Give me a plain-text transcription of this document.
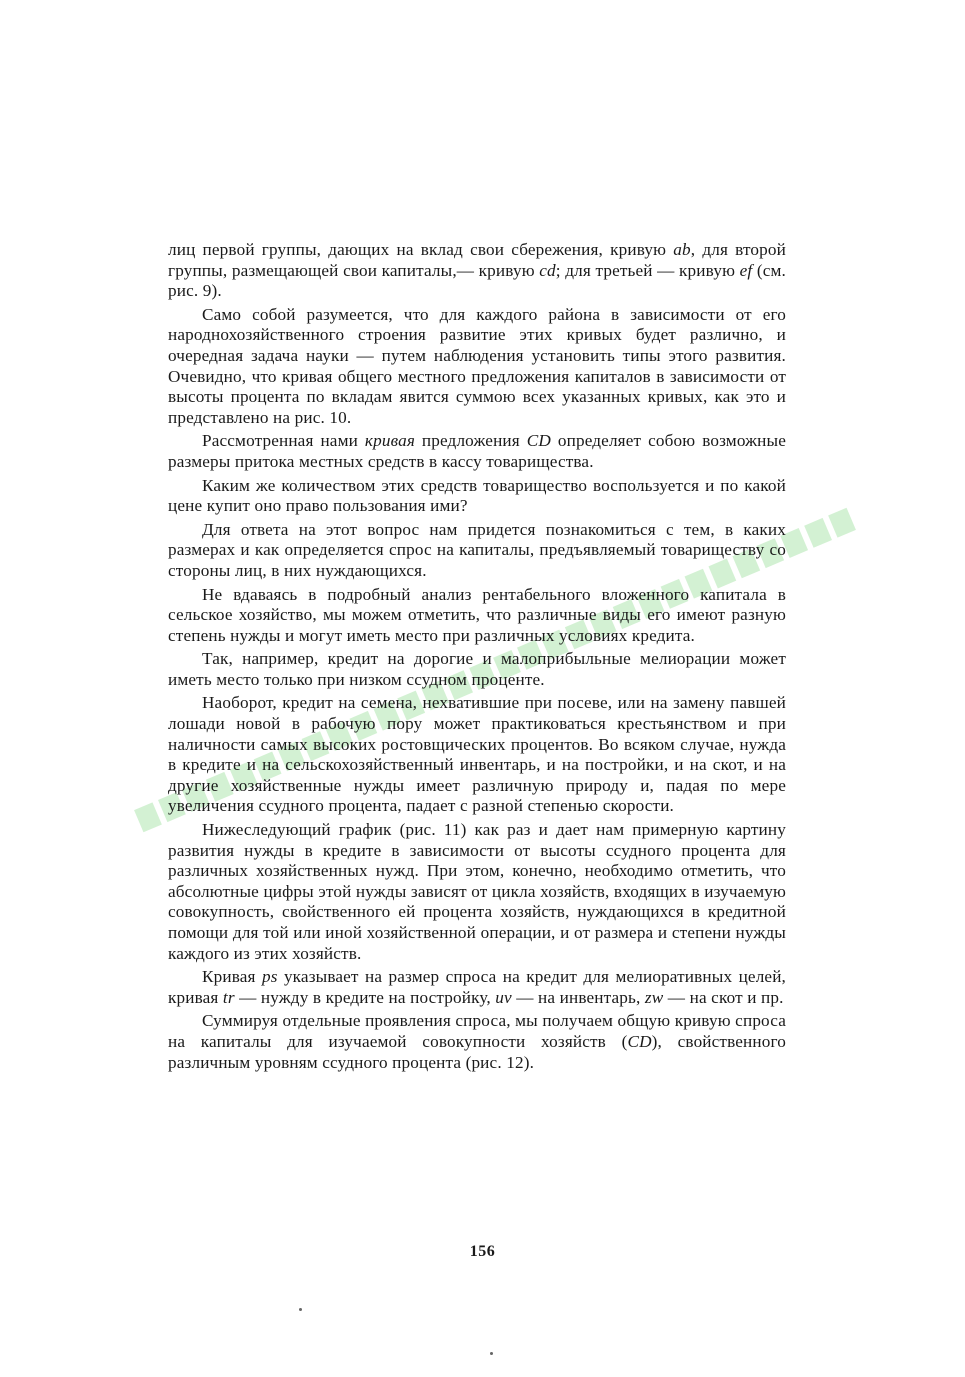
лиц первой группы, дающих на вклад свои сбережения, кривую ab, для второй группы, размещающей свои капиталы,— кривую cd; для третьей — кривую ef (см. рис. 9).

Само собой разумеется, что для каждого района в зависимости от его народнохозяйственного строения развитие этих кривых будет различно, и очередная задача науки — путем наблюдения установить типы этого развития. Очевидно, что кривая общего местного предложения капиталов в зависимости от высоты процента по вкладам явится суммою всех указанных кривых, как это и представлено на рис. 10.

Рассмотренная нами кривая предложения CD определяет собою возможные размеры притока местных средств в кассу товарищества.

Каким же количеством этих средств товарищество воспользуется и по какой цене купит оно право пользования ими?

Для ответа на этот вопрос нам придется познакомиться с тем, в каких размерах и как определяется спрос на капиталы, предъявляемый товариществу со стороны лиц, в них нуждающихся.

Не вдаваясь в подробный анализ рентабельного вложенного капитала в сельское хозяйство, мы можем отметить, что различные виды его имеют разную степень нужды и могут иметь место при различных условиях кредита.

Так, например, кредит на дорогие и малоприбыльные мелиорации может иметь место только при низком ссудном проценте.

Наоборот, кредит на семена, нехватившие при посеве, или на замену павшей лошади новой в рабочую пору может практиковаться крестьянством и при наличности самых высоких ростовщических процентов. Во всяком случае, нужда в кредите и на сельскохозяйственный инвентарь, и на постройки, и на скот, и на другие хозяйственные нужды имеет различную природу и, падая по мере увеличения ссудного процента, падает с разной степенью скорости.

Нижеследующий график (рис. 11) как раз и дает нам примерную картину развития нужды в кредите в зависимости от высоты ссудного процента для различных хозяйственных нужд. При этом, конечно, необходимо отметить, что абсолютные цифры этой нужды зависят от цикла хозяйств, входящих в изучаемую совокупность, свойственного ей процента хозяйств, нуждающихся в кредитной помощи для той или иной хозяйственной операции, и от размера и степени нужды каждого из этих хозяйств.

Кривая ps указывает на размер спроса на кредит для мелиоративных целей, кривая tr — нужду в кредите на постройку, uv — на инвентарь, zw — на скот и пр.

Суммируя отдельные проявления спроса, мы получаем общую кривую спроса на капиталы для изучаемой совокупности хозяйств (CD), свойственного различным уровням ссудного процента (рис. 12).

156
